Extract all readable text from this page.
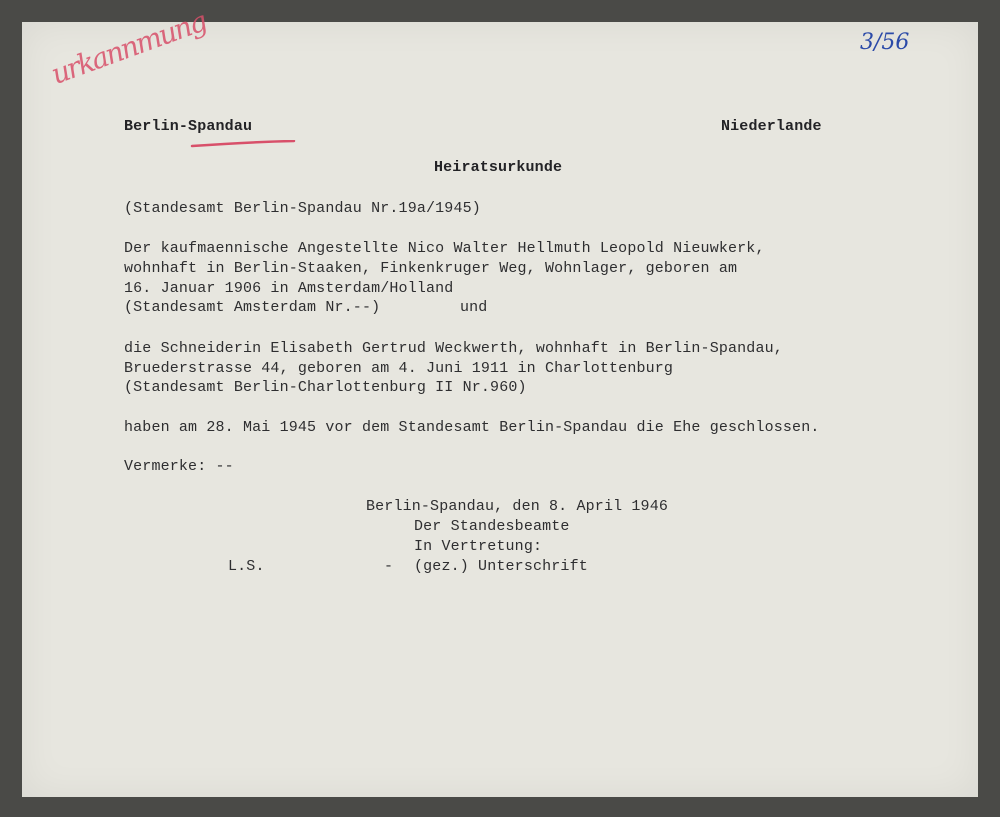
urkannmung	3/56
Berlin-Spandau	Niederlande
Heiratsurkunde
(Standesamt Berlin-Spandau Nr.19a/1945)
Der kaufmaennische Angestellte Nico Walter Hellmuth Leopold Nieuwkerk,
wohnhaft in Berlin-Staaken, Finkenkruger Weg, Wohnlager, geboren am
16. Januar 1906 in Amsterdam/Holland
(Standesamt Amsterdam Nr.--)	und
die Schneiderin Elisabeth Gertrud Weckwerth, wohnhaft in Berlin-Spandau,
Bruederstrasse 44, geboren am 4. Juni 1911 in Charlottenburg
(Standesamt Berlin-Charlottenburg II Nr.960)
haben am 28. Mai 1945 vor dem Standesamt Berlin-Spandau die Ehe geschlossen.
Vermerke: --
Berlin-Spandau, den 8. April 1946
Der Standesbeamte
In Vertretung:
(gez.) Unterschrift
L.S.	-
